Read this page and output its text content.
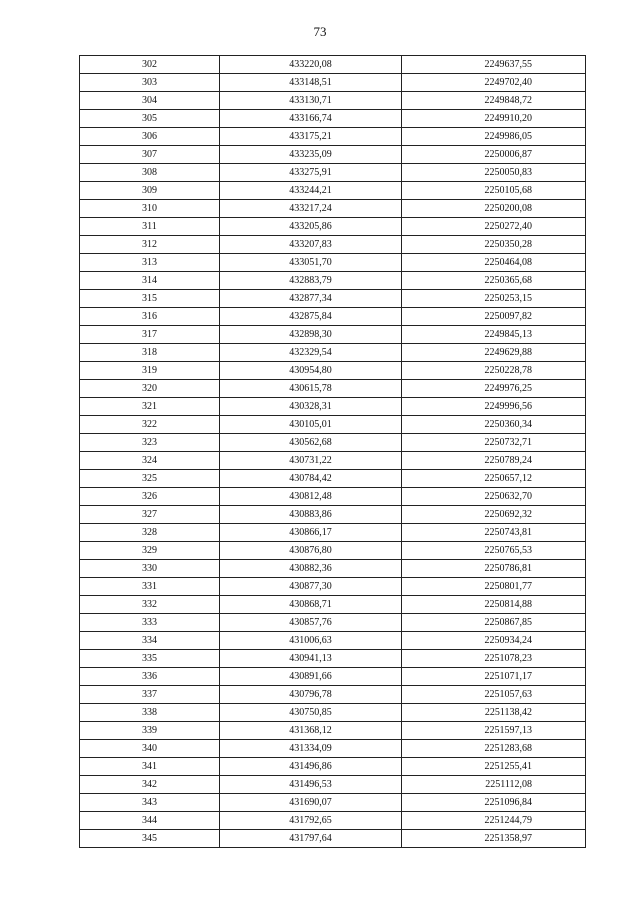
73
302	433220,08	2249637,55
303	433148,51	2249702,40
304	433130,71	2249848,72
305	433166,74	2249910,20
306	433175,21	2249986,05
307	433235,09	2250006,87
308	433275,91	2250050,83
309	433244,21	2250105,68
310	433217,24	2250200,08
311	433205,86	2250272,40
312	433207,83	2250350,28
313	433051,70	2250464,08
314	432883,79	2250365,68
315	432877,34	2250253,15
316	432875,84	2250097,82
317	432898,30	2249845,13
318	432329,54	2249629,88
319	430954,80	2250228,78
320	430615,78	2249976,25
321	430328,31	2249996,56
322	430105,01	2250360,34
323	430562,68	2250732,71
324	430731,22	2250789,24
325	430784,42	2250657,12
326	430812,48	2250632,70
327	430883,86	2250692,32
328	430866,17	2250743,81
329	430876,80	2250765,53
330	430882,36	2250786,81
331	430877,30	2250801,77
332	430868,71	2250814,88
333	430857,76	2250867,85
334	431006,63	2250934,24
335	430941,13	2251078,23
336	430891,66	2251071,17
337	430796,78	2251057,63
338	430750,85	2251138,42
339	431368,12	2251597,13
340	431334,09	2251283,68
341	431496,86	2251255,41
342	431496,53	2251112,08
343	431690,07	2251096,84
344	431792,65	2251244,79
345	431797,64	2251358,97
